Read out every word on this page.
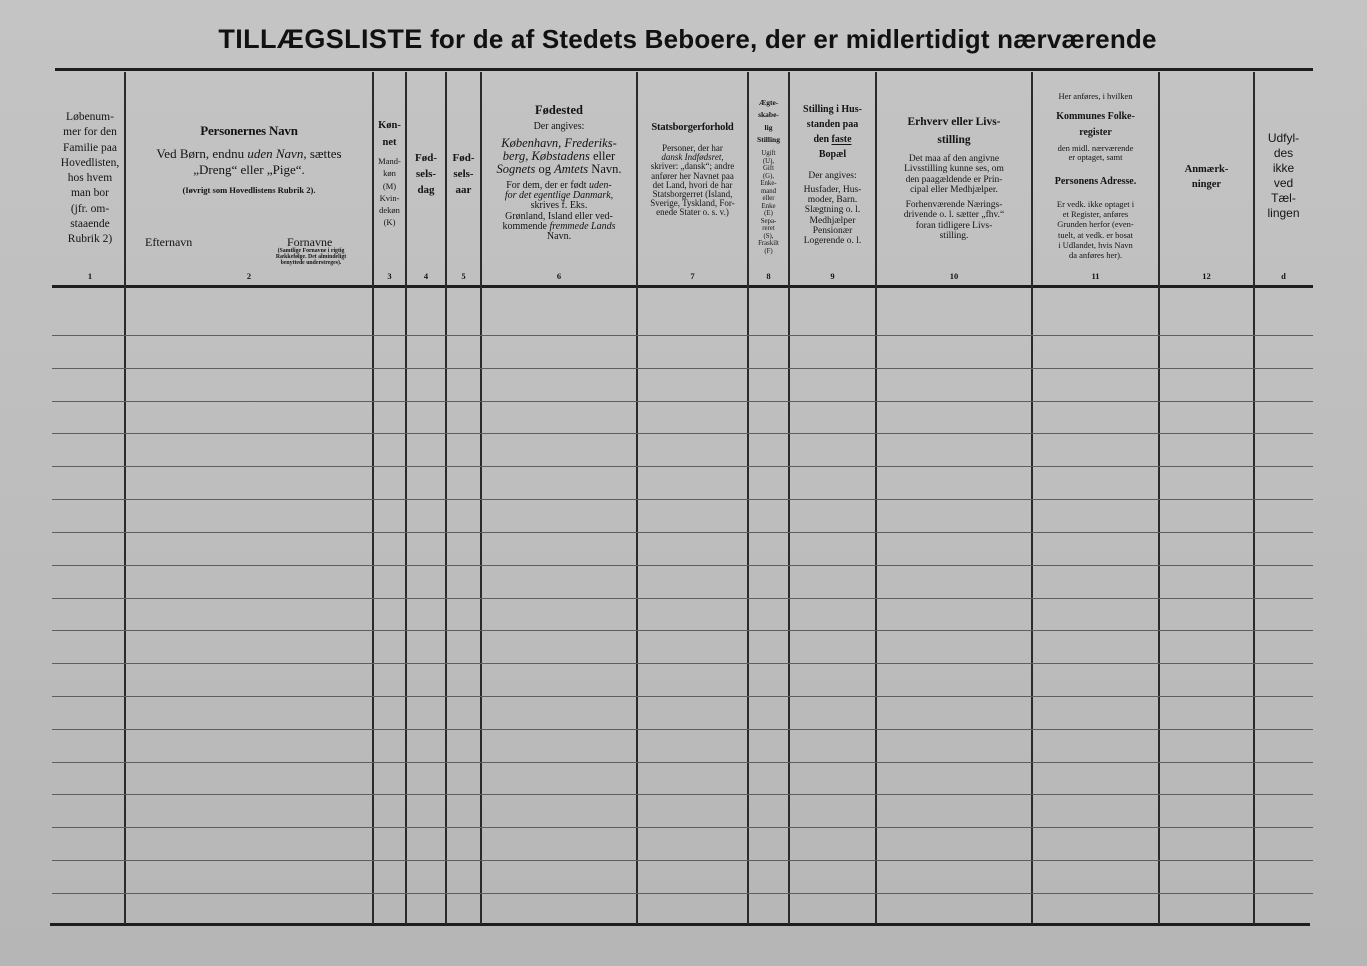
TILLÆGSLISTE for de af Stedets Beboere, der er midlertidigt nærværende
Løbenum-
mer for den
Familie paa
Hovedlisten,
hos hvem
man bor
(jfr. om-
staaende
Rubrik 2)
1
Personernes Navn
Ved Børn, endnu uden Navn, sættes
„Dreng“ eller „Pige“.
(Iøvrigt som Hovedlistens Rubrik 2).
Efternavn	Fornavne
(Samtlige Fornavne i rigtig
Rækkefølge. Det almindeligt
benyttede understreges).
2
Køn-
net
Mand-
køn
(M)
Kvin-
dekøn
(K)
3
Fød-
sels-
dag
4
Fød-
sels-
aar
5
Fødested
Der angives:
København, Frederiks-
berg, Købstadens eller
Sognets og Amtets Navn.
For dem, der er født uden-
for det egentlige Danmark,
skrives f. Eks.
Grønland, Island eller ved-
kommende fremmede Lands
Navn.
6
Statsborgerforhold
Personer, der har
dansk Indfødsret,
skriver: „dansk“; andre
anfører her Navnet paa
det Land, hvori de har
Statsborgerret (Island,
Sverige, Tyskland, For-
enede Stater o. s. v.)
7
Ægte-
skabe-
lig
Stilling
Ugift
(U),
Gift
(G),
Enke-
mand
eller
Enke
(E)
Sepa-
reret
(S),
Fraskilt
(F)
8
Stilling i Hus-
standen paa
den faste
Bopæl
Der angives:
Husfader, Hus-
moder, Barn.
Slægtning o. l.
Medhjælper
Pensionær
Logerende o. l.
9
Erhverv eller Livs-
stilling
Det maa af den angivne
Livsstilling kunne ses, om
den paagældende er Prin-
cipal eller Medhjælper.
Forhenværende Nærings-
drivende o. l. sætter „fhv.“
foran tidligere Livs-
stilling.
10
Her anføres, i hvilken
Kommunes Folke-
register
den midl. nærværende
er optaget, samt
Personens Adresse.
Er vedk. ikke optaget i
et Register, anføres
Grunden herfor (even-
tuelt, at vedk. er bosat
i Udlandet, hvis Navn
da anføres her).
11
Anmærk-
ninger
12
Udfyl-
des
ikke
ved
Tæl-
lingen
d
